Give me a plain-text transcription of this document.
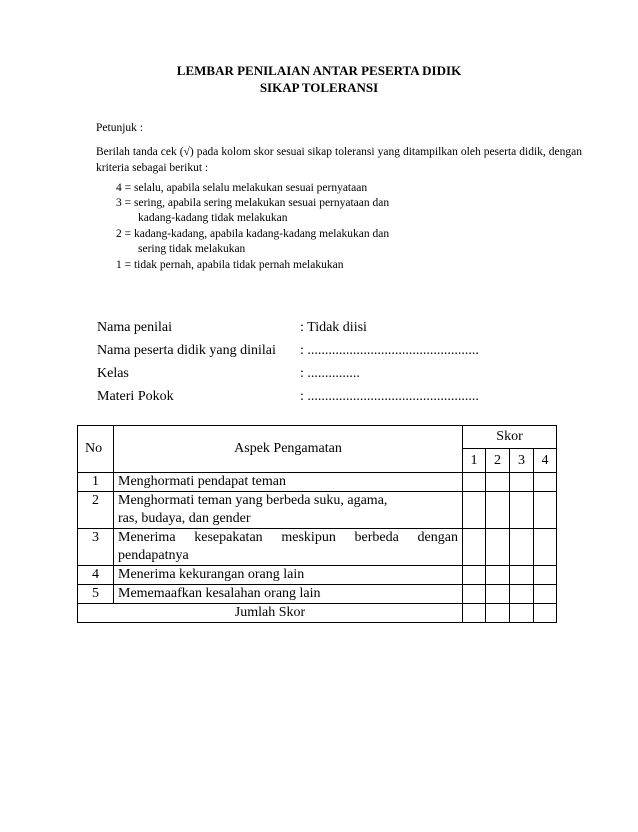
LEMBAR PENILAIAN ANTAR PESERTA DIDIK
SIKAP TOLERANSI
Petunjuk :
Berilah tanda cek (√) pada kolom skor sesuai sikap toleransi yang ditampilkan oleh peserta didik, dengan kriteria sebagai berikut :
4 = selalu, apabila selalu melakukan sesuai pernyataan
3 = sering, apabila sering melakukan sesuai pernyataan dan
kadang-kadang tidak melakukan
2 = kadang-kadang, apabila kadang-kadang melakukan dan
sering tidak melakukan
1 = tidak pernah, apabila tidak pernah melakukan
Nama penilai	: Tidak diisi
Nama peserta didik yang dinilai : .................................................
Kelas	: ...............
Materi Pokok	: .................................................
No	Aspek Pengamatan	Skor			
		1	2	3	4
1	Menghormati pendapat teman				
2	Menghormati teman yang berbeda suku, agama,
ras, budaya, dan gender				

3	Menerima kesepakatan meskipun berbeda dengan
pendapatnya				

4	Menerima kekurangan orang lain				
5	Mememaafkan kesalahan orang lain				
Jumlah Skor					
